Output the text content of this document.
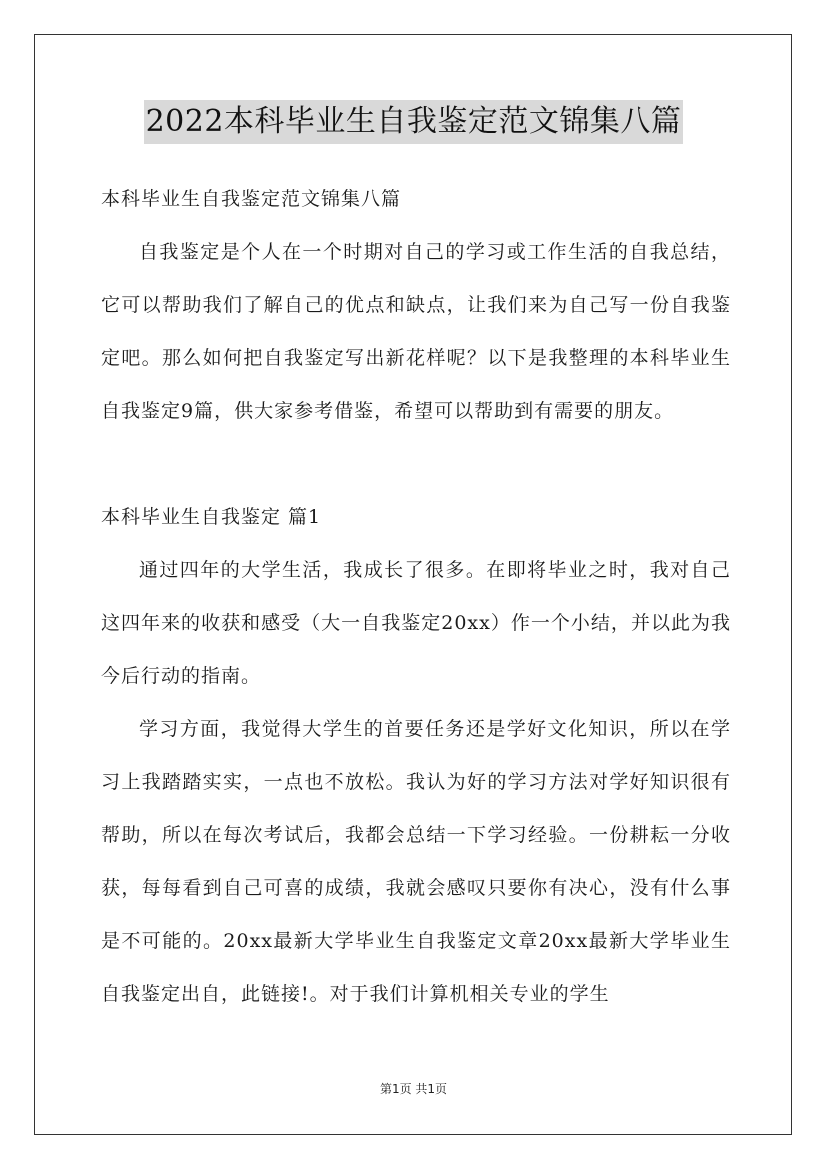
2022本科毕业生自我鉴定范文锦集八篇

本科毕业生自我鉴定范文锦集八篇

自我鉴定是个人在一个时期对自己的学习或工作生活的自我总结，它可以帮助我们了解自己的优点和缺点，让我们来为自己写一份自我鉴定吧。那么如何把自我鉴定写出新花样呢？以下是我整理的本科毕业生自我鉴定9篇，供大家参考借鉴，希望可以帮助到有需要的朋友。

本科毕业生自我鉴定 篇1

通过四年的大学生活，我成长了很多。在即将毕业之时，我对自己这四年来的收获和感受（大一自我鉴定20xx）作一个小结，并以此为我今后行动的指南。

学习方面，我觉得大学生的首要任务还是学好文化知识，所以在学习上我踏踏实实，一点也不放松。我认为好的学习方法对学好知识很有帮助，所以在每次考试后，我都会总结一下学习经验。一份耕耘一分收获，每每看到自己可喜的成绩，我就会感叹只要你有决心，没有什么事是不可能的。20xx最新大学毕业生自我鉴定文章20xx最新大学毕业生自我鉴定出自，此链接!。对于我们计算机相关专业的学生

第1页 共1页
